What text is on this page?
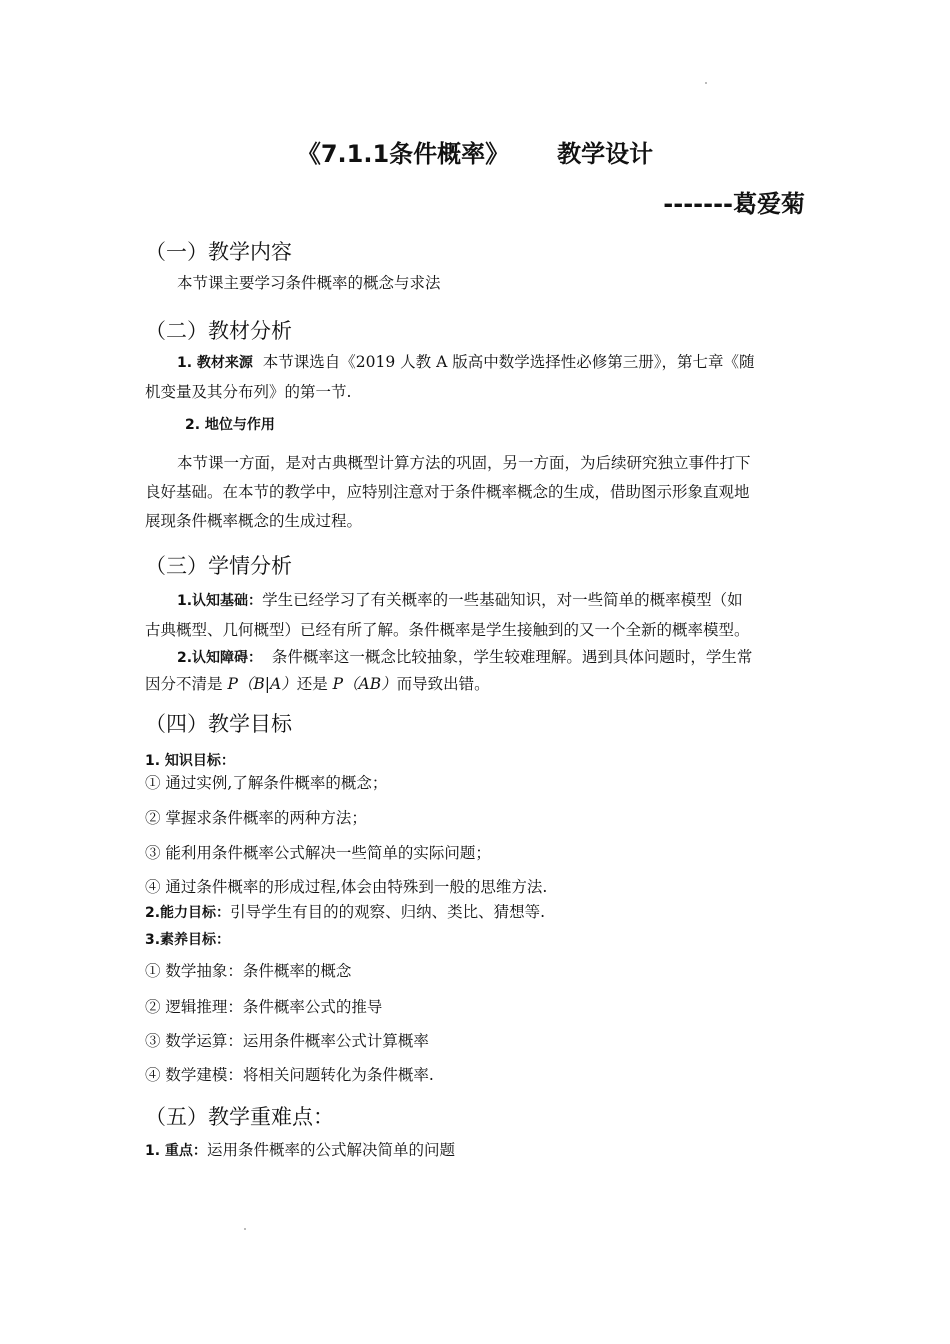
《7.1.1条件概率》 教学设计
-------葛爱菊
（一）教学内容
本节课主要学习条件概率的概念与求法
（二）教材分析
1. 教材来源 本节课选自《2019 人教 A 版高中数学选择性必修第三册》，第七章《随
机变量及其分布列》的第一节.
2. 地位与作用
本节课一方面，是对古典概型计算方法的巩固，另一方面，为后续研究独立事件打下
良好基础。在本节的教学中，应特别注意对于条件概率概念的生成，借助图示形象直观地
展现条件概率概念的生成过程。
（三）学情分析
1.认知基础：学生已经学习了有关概率的一些基础知识，对一些简单的概率模型（如
古典概型、几何概型）已经有所了解。条件概率是学生接触到的又一个全新的概率模型。
2.认知障碍： 条件概率这一概念比较抽象，学生较难理解。遇到具体问题时，学生常
因分不清是 P（B|A）还是 P（AB）而导致出错。
（四）教学目标
1. 知识目标：
① 通过实例,了解条件概率的概念；
② 掌握求条件概率的两种方法；
③ 能利用条件概率公式解决一些简单的实际问题；
④ 通过条件概率的形成过程,体会由特殊到一般的思维方法.
2.能力目标：引导学生有目的的观察、归纳、类比、猜想等.
3.素养目标：
① 数学抽象：条件概率的概念
② 逻辑推理：条件概率公式的推导
③ 数学运算：运用条件概率公式计算概率
④ 数学建模：将相关问题转化为条件概率.
（五）教学重难点：
1. 重点：运用条件概率的公式解决简单的问题
